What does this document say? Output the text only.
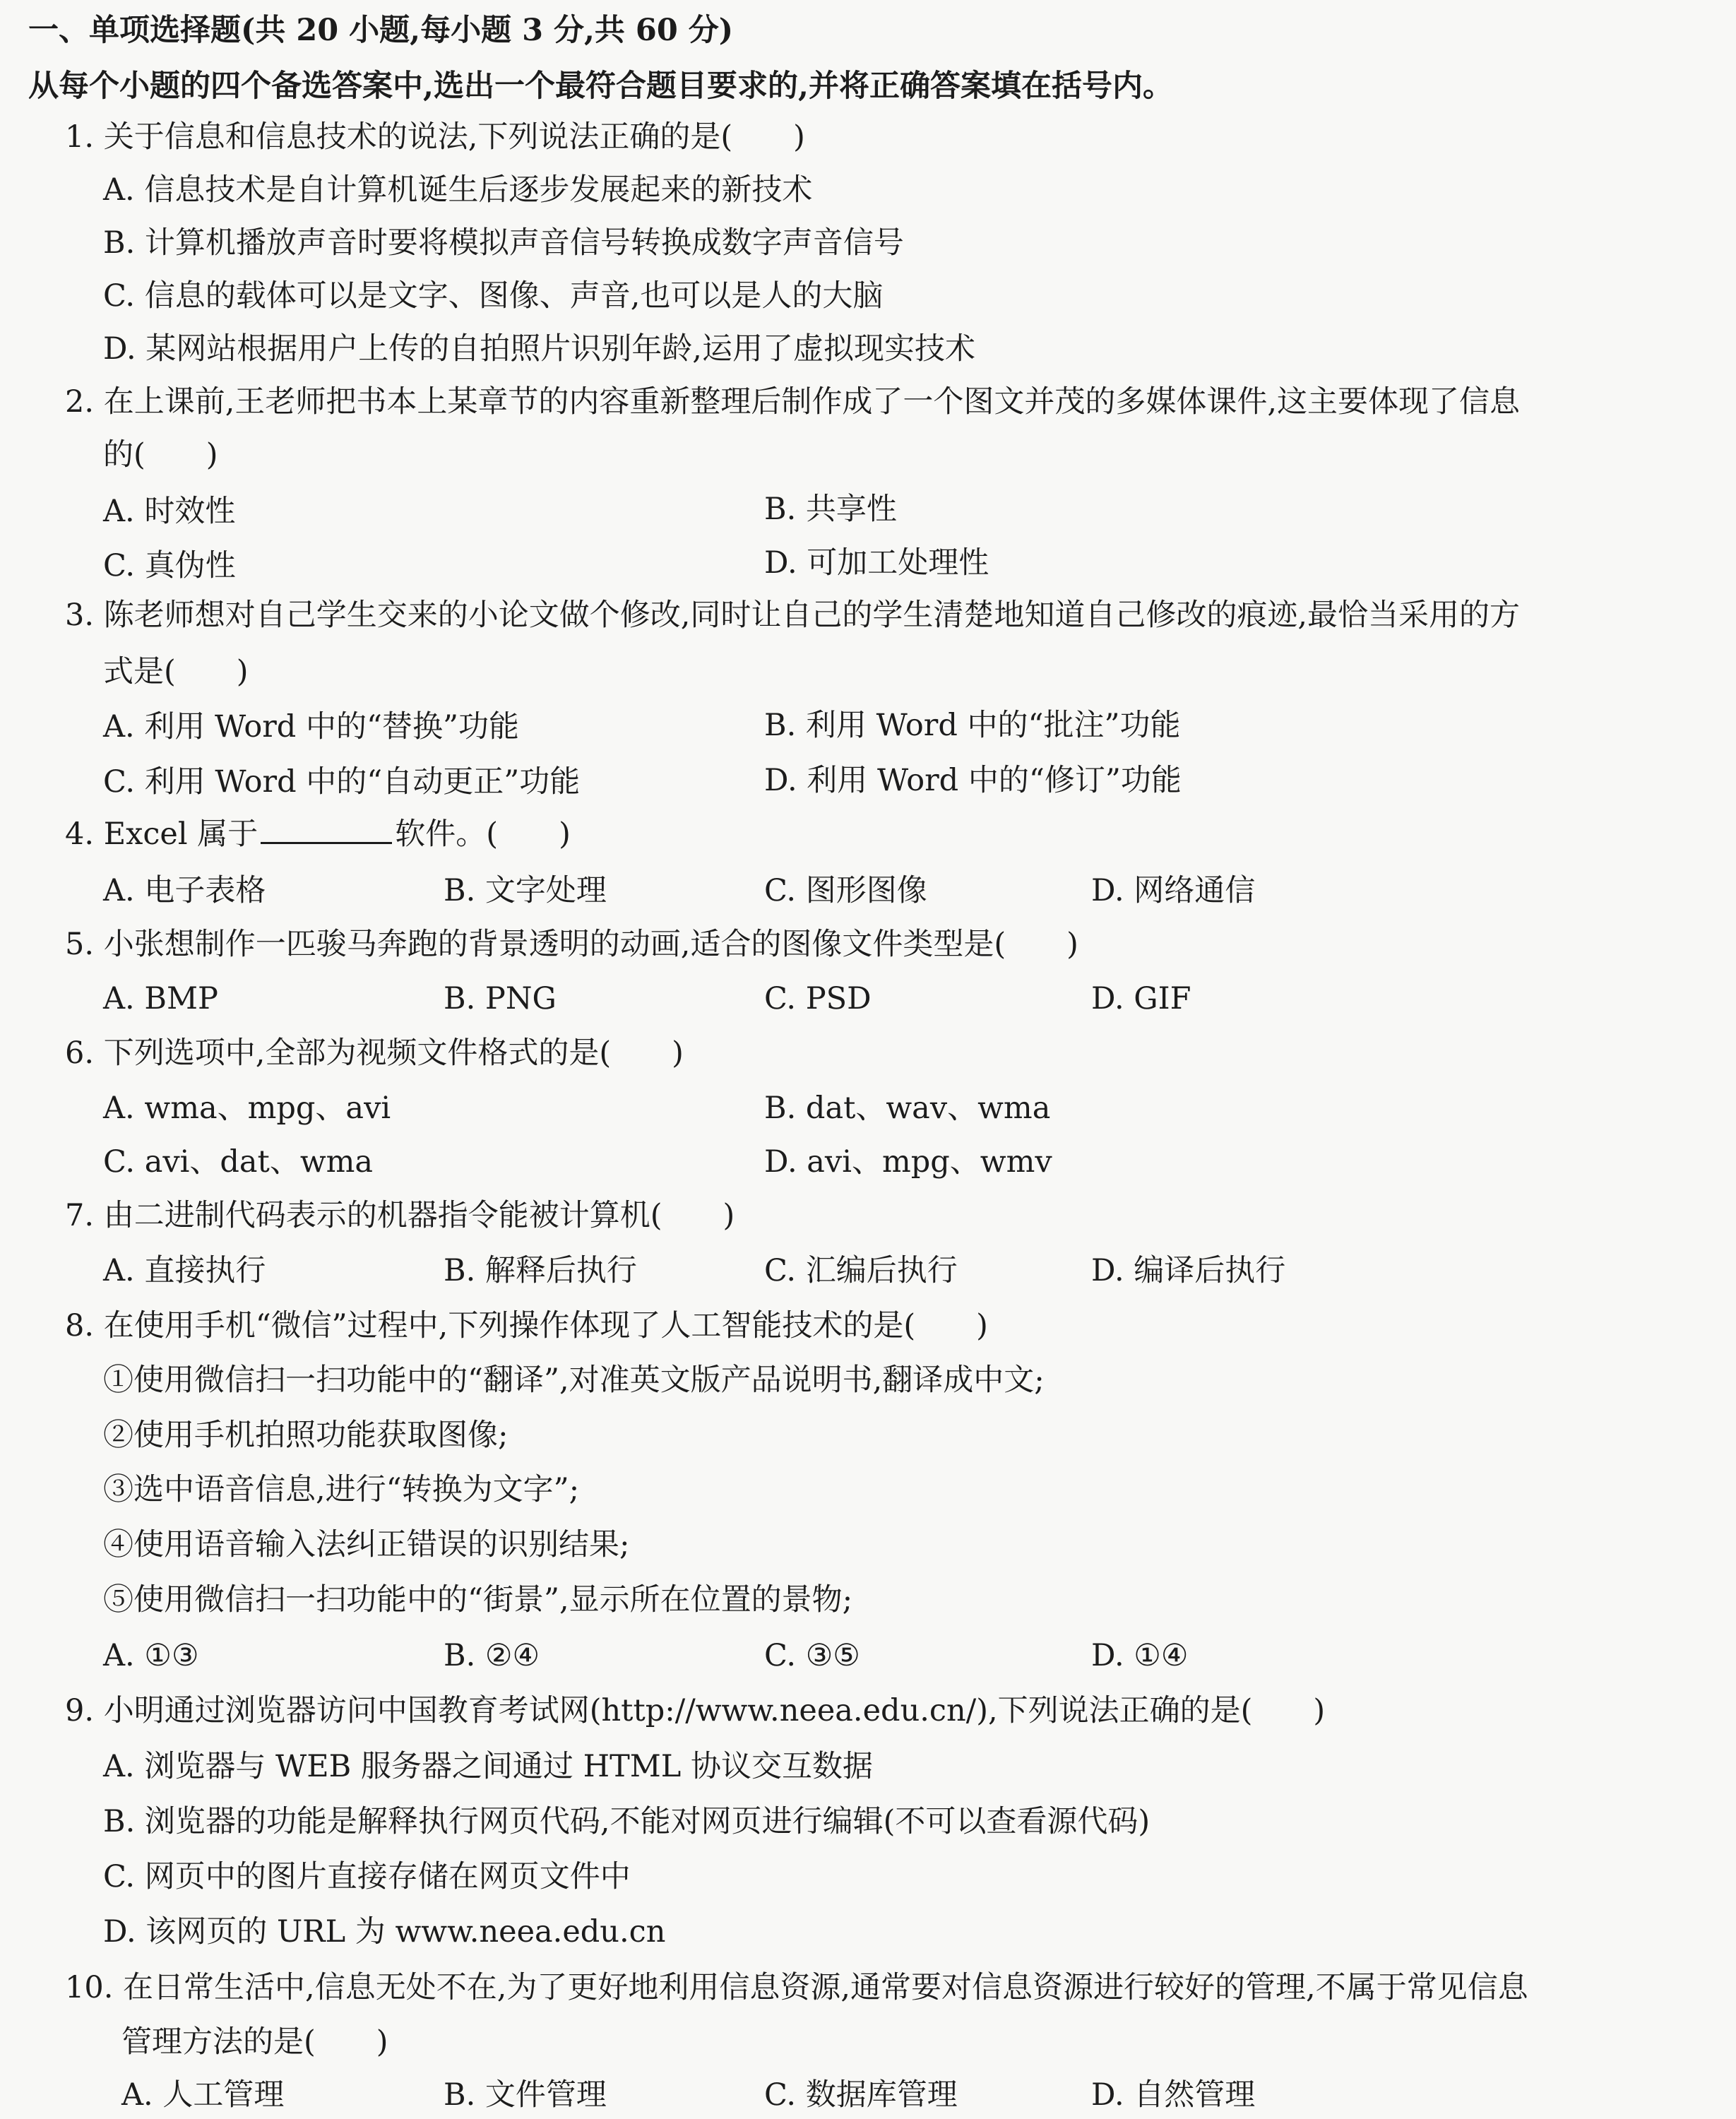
一、单项选择题(共 20 小题,每小题 3 分,共 60 分)
从每个小题的四个备选答案中,选出一个最符合题目要求的,并将正确答案填在括号内。
1. 关于信息和信息技术的说法,下列说法正确的是(　　)
A. 信息技术是自计算机诞生后逐步发展起来的新技术
B. 计算机播放声音时要将模拟声音信号转换成数字声音信号
C. 信息的载体可以是文字、图像、声音,也可以是人的大脑
D. 某网站根据用户上传的自拍照片识别年龄,运用了虚拟现实技术
2. 在上课前,王老师把书本上某章节的内容重新整理后制作成了一个图文并茂的多媒体课件,这主要体现了信息
的(　　)
A. 时效性	B. 共享性
C. 真伪性	D. 可加工处理性
3. 陈老师想对自己学生交来的小论文做个修改,同时让自己的学生清楚地知道自己修改的痕迹,最恰当采用的方
式是(　　)
A. 利用 Word 中的“替换”功能	B. 利用 Word 中的“批注”功能
C. 利用 Word 中的“自动更正”功能	D. 利用 Word 中的“修订”功能
4. Excel 属于	软件。(　　)
A. 电子表格	B. 文字处理	C. 图形图像	D. 网络通信
5. 小张想制作一匹骏马奔跑的背景透明的动画,适合的图像文件类型是(　　)
A. BMP	B. PNG	C. PSD	D. GIF
6. 下列选项中,全部为视频文件格式的是(　　)
A. wma、mpg、avi	B. dat、wav、wma
C. avi、dat、wma	D. avi、mpg、wmv
7. 由二进制代码表示的机器指令能被计算机(　　)
A. 直接执行	B. 解释后执行	C. 汇编后执行	D. 编译后执行
8. 在使用手机“微信”过程中,下列操作体现了人工智能技术的是(　　)
①使用微信扫一扫功能中的“翻译”,对准英文版产品说明书,翻译成中文;
②使用手机拍照功能获取图像;
③选中语音信息,进行“转换为文字”;
④使用语音输入法纠正错误的识别结果;
⑤使用微信扫一扫功能中的“街景”,显示所在位置的景物;
A. ①③	B. ②④	C. ③⑤	D. ①④
9. 小明通过浏览器访问中国教育考试网(http://www.neea.edu.cn/),下列说法正确的是(　　)
A. 浏览器与 WEB 服务器之间通过 HTML 协议交互数据
B. 浏览器的功能是解释执行网页代码,不能对网页进行编辑(不可以查看源代码)
C. 网页中的图片直接存储在网页文件中
D. 该网页的 URL 为 www.neea.edu.cn
10. 在日常生活中,信息无处不在,为了更好地利用信息资源,通常要对信息资源进行较好的管理,不属于常见信息
管理方法的是(　　)
A. 人工管理	B. 文件管理	C. 数据库管理	D. 自然管理
